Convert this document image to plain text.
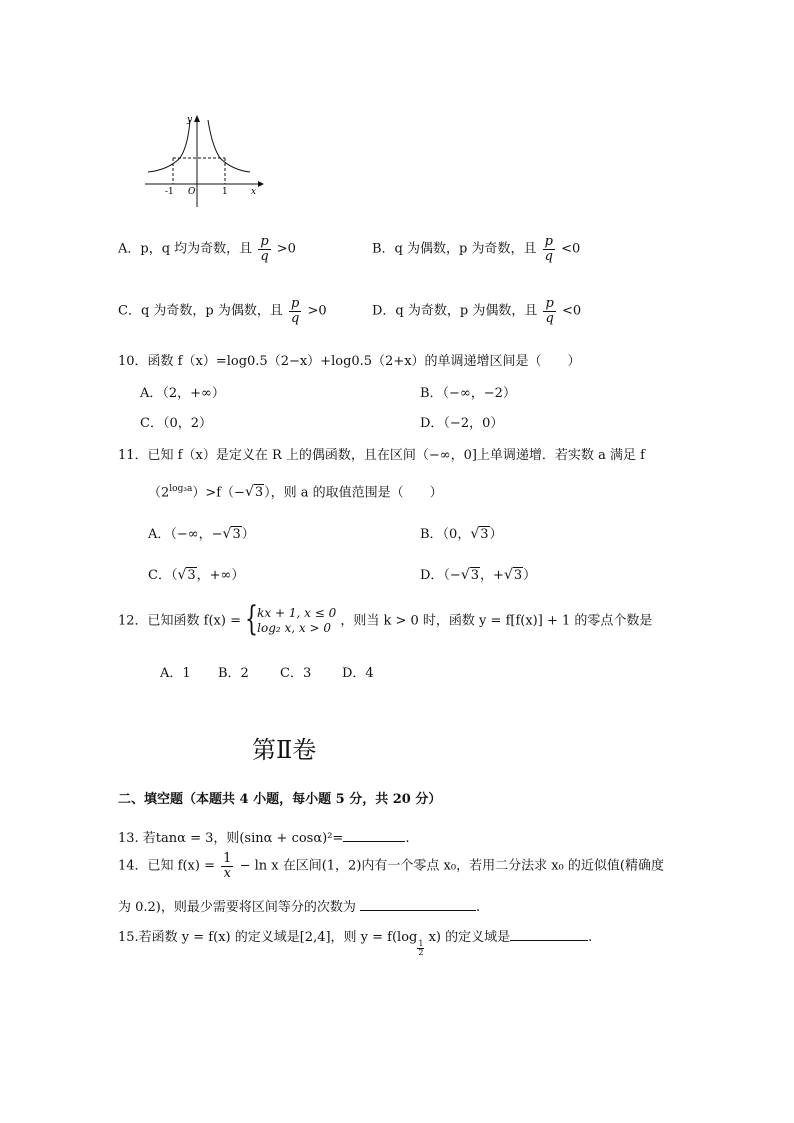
y
x
O
-1	1
A．p，q 均为奇数，且 $\frac{p}{q} >0$	B．q 为偶数，p 为奇数，且 $\frac{p}{q} <0$
C．q 为奇数，p 为偶数，且 $\frac{p}{q} >0$	D．q 为奇数，p 为偶数，且 $\frac{p}{q} <0$
10．函数 f（x）=log0.5（2−x）+log0.5（2+x）的单调递增区间是（　　）
A．（2，+∞）	B．（−∞，−2）
C．（0，2）	D．（−2，0）
11．已知 f（x）是定义在 R 上的偶函数，且在区间（−∞，0]上单调递增．若实数 a 满足 f
$(2^{log_3a})>f(-√3)$，则 a 的取值范围是（　　）
A．（−∞，−√3）	B．（0，√3）
C．（√3，+∞）	D．（−√3，+√3）
12．已知函数 f(x) = { kx + 1, x ≤ 0
log₂ x, x > 0 ，则当 k > 0 时，函数 y = f[f(x)] + 1 的零点个数是
A．1 B．2 C．3 D．4
第Ⅱ卷
二、填空题（本题共 4 小题，每小题 5 分，共 20 分）
13. 若tanα = 3，则(sinα + cosα)²=	.
14．已知 $f(x) = \frac{1}{x} - \ln x$ 在区间(1，2)内有一个零点 x₀，若用二分法求 x₀ 的近似值(精确度
为 0.2)，则最少需要将区间等分的次数为	.
15.若函数 y = f(x) 的定义域是[2,4]，则 y = f(log
$\frac{1}{2}$
x) 的定义域是	.
